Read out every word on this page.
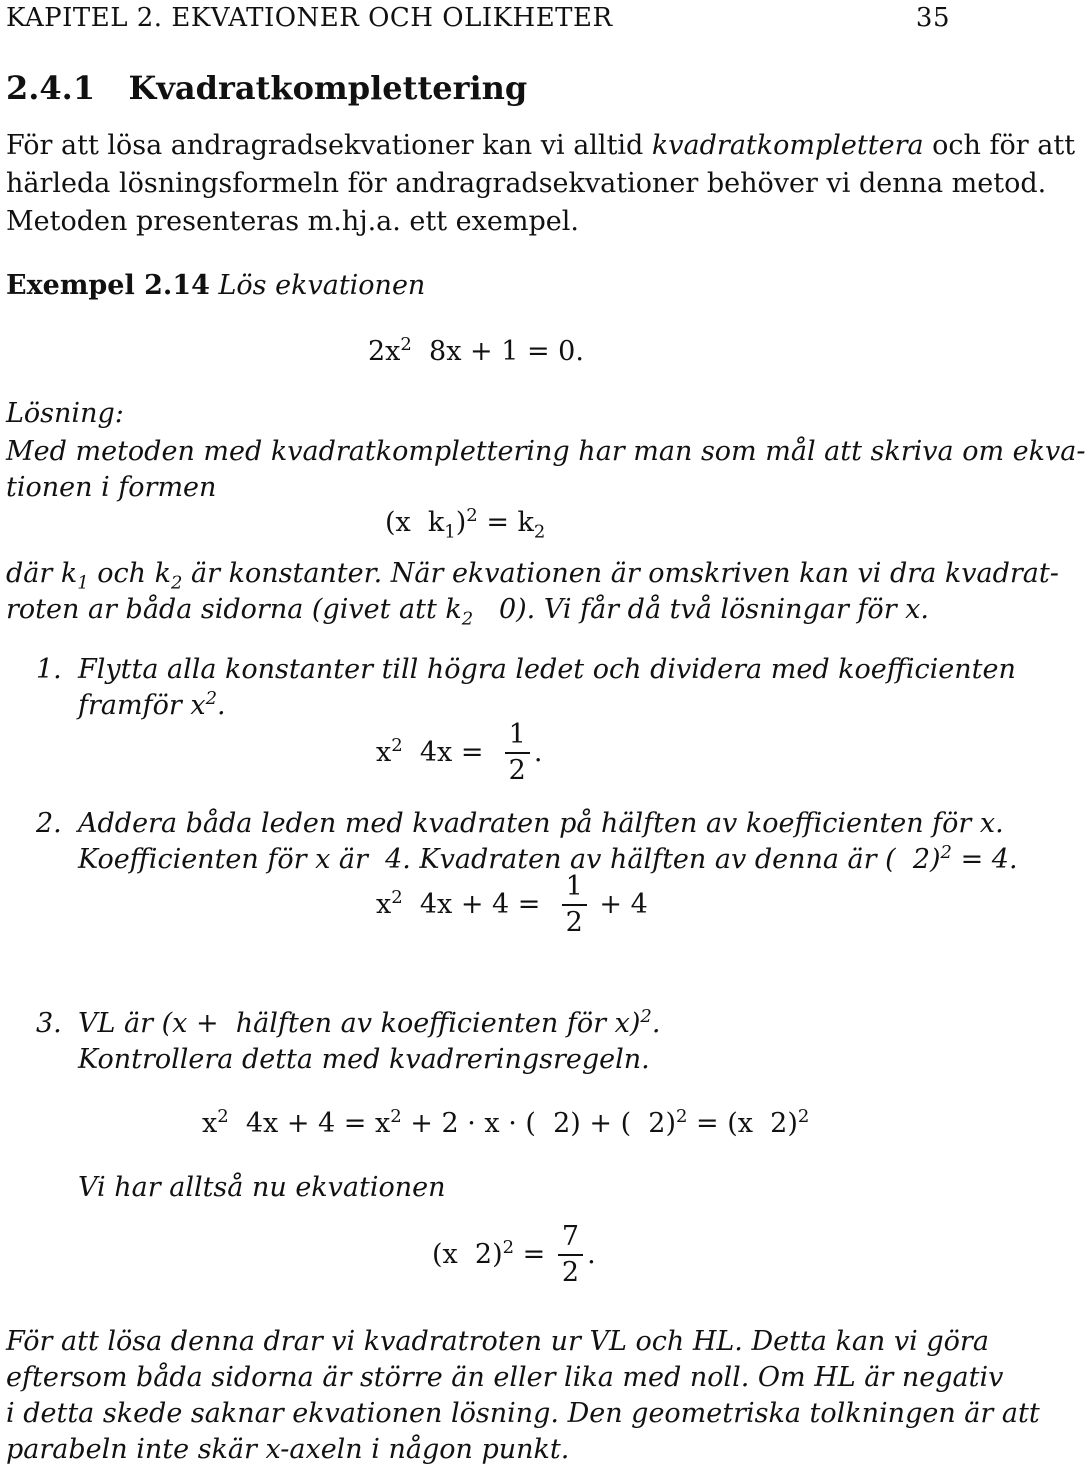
KAPITEL 2. EKVATIONER OCH OLIKHETER	35
2.4.1 Kvadratkomplettering
För att lösa andragradsekvationer kan vi alltid kvadratkomplettera och för att
härleda lösningsformeln för andragradsekvationer behöver vi denna metod.
Metoden presenteras m.hj.a. ett exempel.
Exempel 2.14 Lös ekvationen
$2x^2$  8x + 1 = 0.
Lösning:
Med metoden med kvadratkomplettering har man som mål att skriva om ekva-
tionen i formen
(x  $k_1)^2 = k_2$
där $k_1$ och $k_2$ är konstanter. När ekvationen är omskriven kan vi dra kvadrat-
roten ar båda sidorna (givet att $k_2$   0). Vi får då två lösningar för x.
1. Flytta alla konstanter till högra ledet och dividera med koefficienten
framför $x^2$.
$x^2$  $4x = \frac{1}{2}$ .
2. Addera båda leden med kvadraten på hälften av koefficienten för x.
Koefficienten för x är  4. Kvadraten av hälften av denna är (  2)$^2$ = 4.
$x^2$  $4x + 4 = \frac{1}{2} + 4$
3. VL är (x +  hälften av koefficienten för x)$^2$.
Kontrollera detta med kvadreringsregeln.
$x^2$  $4x + 4 = x^2 + 2 \cdot x$ · (  2) + (  2)$^2$ = (x  2)$^2$
Vi har alltså nu ekvationen
(x  $2)^2 = \frac{7}{2}$ .
För att lösa denna drar vi kvadratroten ur VL och HL. Detta kan vi göra
eftersom båda sidorna är större än eller lika med noll. Om HL är negativ
i detta skede saknar ekvationen lösning. Den geometriska tolkningen är att
parabeln inte skär x-axeln i någon punkt.
